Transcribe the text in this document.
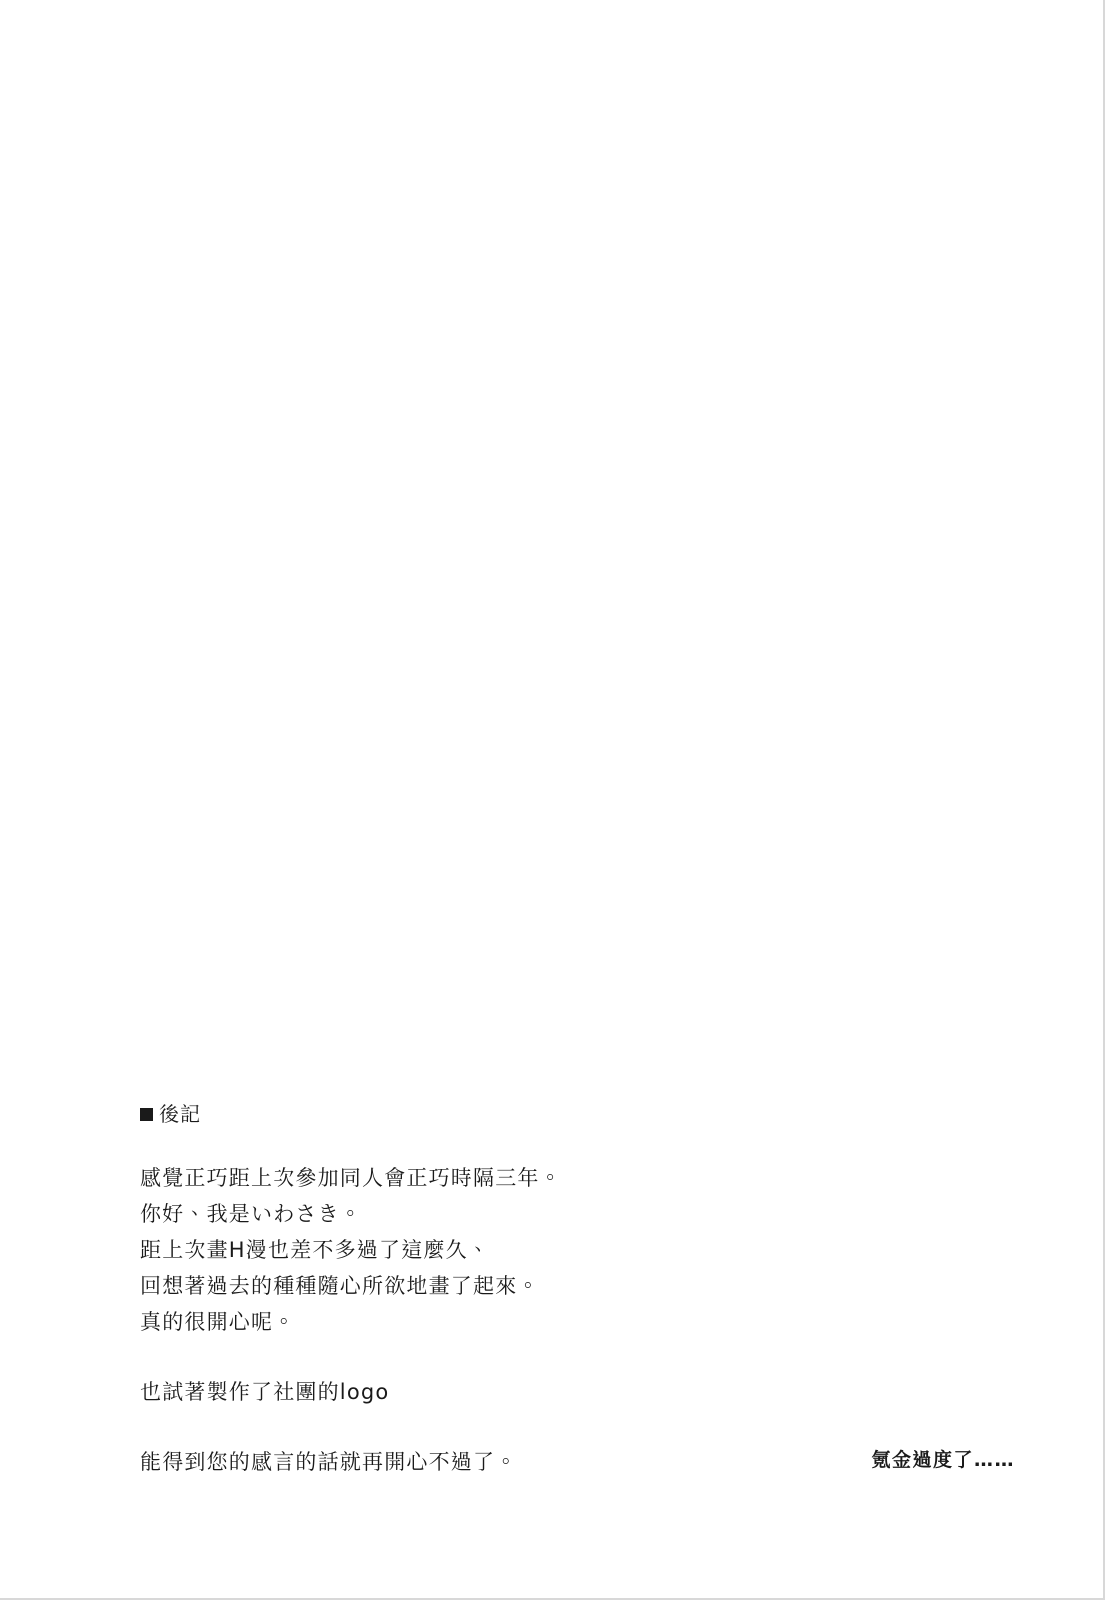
後記

感覺正巧距上次參加同人會正巧時隔三年。

你好、我是いわさき。

距上次畫H漫也差不多過了這麼久、

回想著過去的種種隨心所欲地畫了起來。

真的很開心呢。

也試著製作了社團的logo

能得到您的感言的話就再開心不過了。	氪金過度了……
